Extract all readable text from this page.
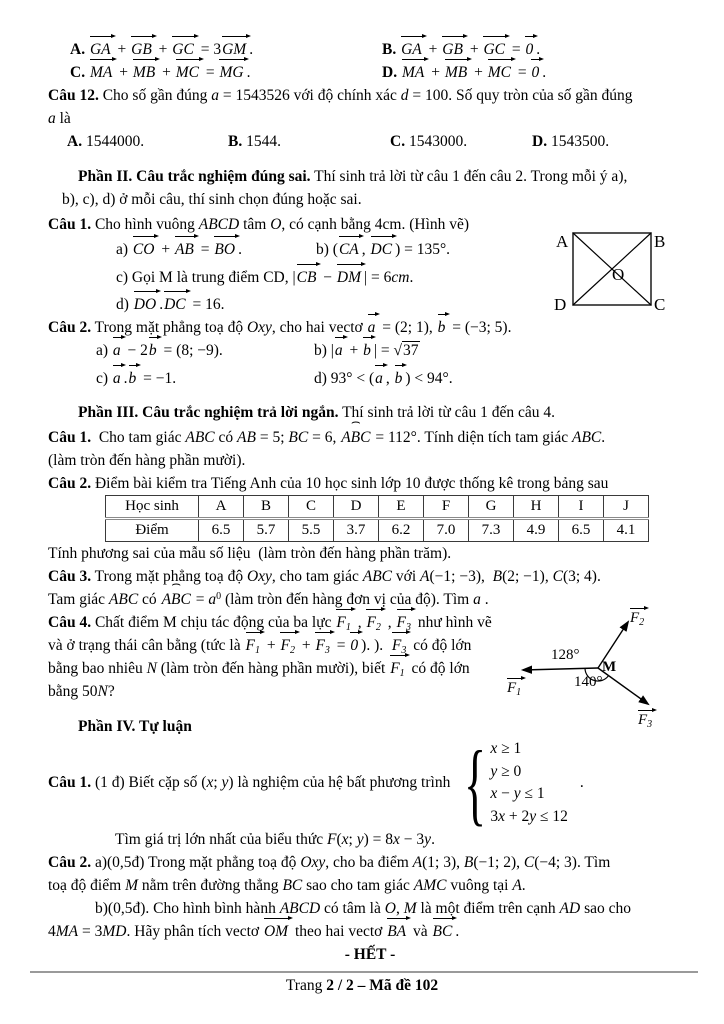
A. GA + GB + GC = 3GM .	B. GA + GB + GC = 0 .
C. MA + MB + MC = MG .	D. MA + MB + MC = 0 .
Câu 12. Cho số gần đúng a = 1543526 với độ chính xác d = 100. Số quy tròn của số gần đúng
a là
A. 1544000.	B. 1544.	C. 1543000.	D. 1543500.
Phần II. Câu trắc nghiệm đúng sai. Thí sinh trả lời từ câu 1 đến câu 2. Trong mỗi ý a),
b), c), d) ở mỗi câu, thí sinh chọn đúng hoặc sai.
Câu 1. Cho hình vuông ABCD tâm O, có cạnh bằng 4cm. (Hình vẽ)
a) CO + AB = BO .	b) (CA , DC ) = 135°.
c) Gọi M là trung điểm CD, |CB − DM | = 6cm.
d) DO .DC = 16.
Câu 2. Trong mặt phẳng toạ độ Oxy, cho hai vectơ a = (2; 1), b = (−3; 5).
a) a − 2b = (8; −9).	b) |a + b | = √37
c) a .b = −1.	d) 93° < (a , b ) < 94°.
Phần III. Câu trắc nghiệm trả lời ngắn. Thí sinh trả lời từ câu 1 đến câu 4.
Câu 1.  Cho tam giác ABC có AB = 5; BC = 6, ⌢ ABC = 112°. Tính diện tích tam giác ABC.
(làm tròn đến hàng phần mười).
Câu 2. Điểm bài kiểm tra Tiếng Anh của 10 học sinh lớp 10 được thống kê trong bảng sau
Học sinh	A	B	C	D	E	F	G	H	I	J
Điểm	6.5	5.7	5.5	3.7	6.2	7.0	7.3	4.9	6.5	4.1
Tính phương sai của mẫu số liệu  (làm tròn đến hàng phần trăm).
Câu 3. Trong mặt phẳng toạ độ Oxy, cho tam giác ABC với A(−1; −3),  B(2; −1), C(3; 4).
Tam giác ABC có ⌢ ABC = $a^0$ (làm tròn đến hàng đơn vị của độ). Tìm a .
Câu 4. Chất điểm M chịu tác động của ba lực $F_1$ , $F_2$ , $F_3$ như hình vẽ
và ở trạng thái cân bằng (tức là $F_1 + F_2 + F_3 = 0$ ). ).  $F_3$ có độ lớn
bằng bao nhiêu N (làm tròn đến hàng phần mười), biết $F_1$ có độ lớn
bằng 50N?
Phần IV. Tự luận
Câu 1. (1 đ) Biết cặp số (x; y) là nghiệm của hệ bất phương trình { x ≥ 1
y ≥ 0
x − y ≤ 1
3x + 2y ≤ 12
.
Tìm giá trị lớn nhất của biểu thức F(x; y) = 8x − 3y.
Câu 2. a)(0,5đ) Trong mặt phẳng toạ độ Oxy, cho ba điểm A(1; 3), B(−1; 2), C(−4; 3). Tìm
toạ độ điểm M nằm trên đường thẳng BC sao cho tam giác AMC vuông tại A.
b)(0,5đ). Cho hình bình hành ABCD có tâm là O, M là một điểm trên cạnh AD sao cho
4MA = 3MD. Hãy phân tích vectơ OM theo hai vectơ BA và BC .
- HẾT -
A	B
D	C
O
$F_1$
$F_2$
$F_3$
M
128°
140°
Trang 2 / 2 – Mã đề 102
